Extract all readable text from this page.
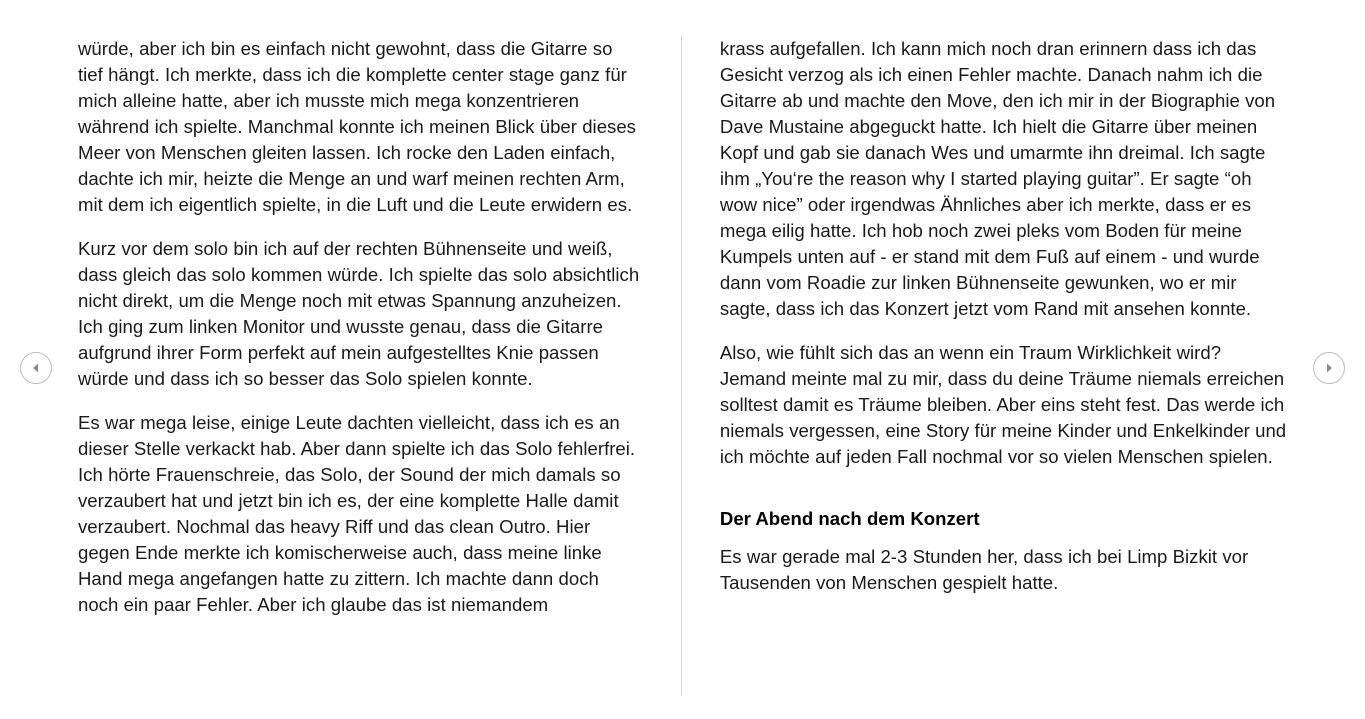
würde, aber ich bin es einfach nicht gewohnt, dass die Gitarre so tief hängt. Ich merkte, dass ich die komplette center stage ganz für mich alleine hatte, aber ich musste mich mega konzentrieren während ich spielte. Manchmal konnte ich meinen Blick über dieses Meer von Menschen gleiten lassen. Ich rocke den Laden einfach, dachte ich mir, heizte die Menge an und warf meinen rechten Arm, mit dem ich eigentlich spielte, in die Luft und die Leute erwidern es.

Kurz vor dem solo bin ich auf der rechten Bühnenseite und weiß, dass gleich das solo kommen würde. Ich spielte das solo absichtlich nicht direkt, um die Menge noch mit etwas Spannung anzuheizen. Ich ging zum linken Monitor und wusste genau, dass die Gitarre aufgrund ihrer Form perfekt auf mein aufgestelltes Knie passen würde und dass ich so besser das Solo spielen konnte.

Es war mega leise, einige Leute dachten vielleicht, dass ich es an dieser Stelle verkackt hab. Aber dann spielte ich das Solo fehlerfrei. Ich hörte Frauenschreie, das Solo, der Sound der mich damals so verzaubert hat und jetzt bin ich es, der eine komplette Halle damit verzaubert. Nochmal das heavy Riff und das clean Outro. Hier gegen Ende merkte ich komischerweise auch, dass meine linke Hand mega angefangen hatte zu zittern. Ich machte dann doch noch ein paar Fehler. Aber ich glaube das ist niemandem

krass aufgefallen. Ich kann mich noch dran erinnern dass ich das Gesicht verzog als ich einen Fehler machte. Danach nahm ich die Gitarre ab und machte den Move, den ich mir in der Biographie von Dave Mustaine abgeguckt hatte. Ich hielt die Gitarre über meinen Kopf und gab sie danach Wes und umarmte ihn dreimal. Ich sagte ihm „You‘re the reason why I started playing guitar”. Er sagte “oh wow nice” oder irgendwas Ähnliches aber ich merkte, dass er es mega eilig hatte. Ich hob noch zwei pleks vom Boden für meine Kumpels unten auf - er stand mit dem Fuß auf einem - und wurde dann vom Roadie zur linken Bühnenseite gewunken, wo er mir sagte, dass ich das Konzert jetzt vom Rand mit ansehen konnte.

Also, wie fühlt sich das an wenn ein Traum Wirklichkeit wird? Jemand meinte mal zu mir, dass du deine Träume niemals erreichen solltest damit es Träume bleiben. Aber eins steht fest. Das werde ich niemals vergessen, eine Story für meine Kinder und Enkelkinder und ich möchte auf jeden Fall nochmal vor so vielen Menschen spielen.

Der Abend nach dem Konzert

Es war gerade mal 2-3 Stunden her, dass ich bei Limp Bizkit vor Tausenden von Menschen gespielt hatte.
